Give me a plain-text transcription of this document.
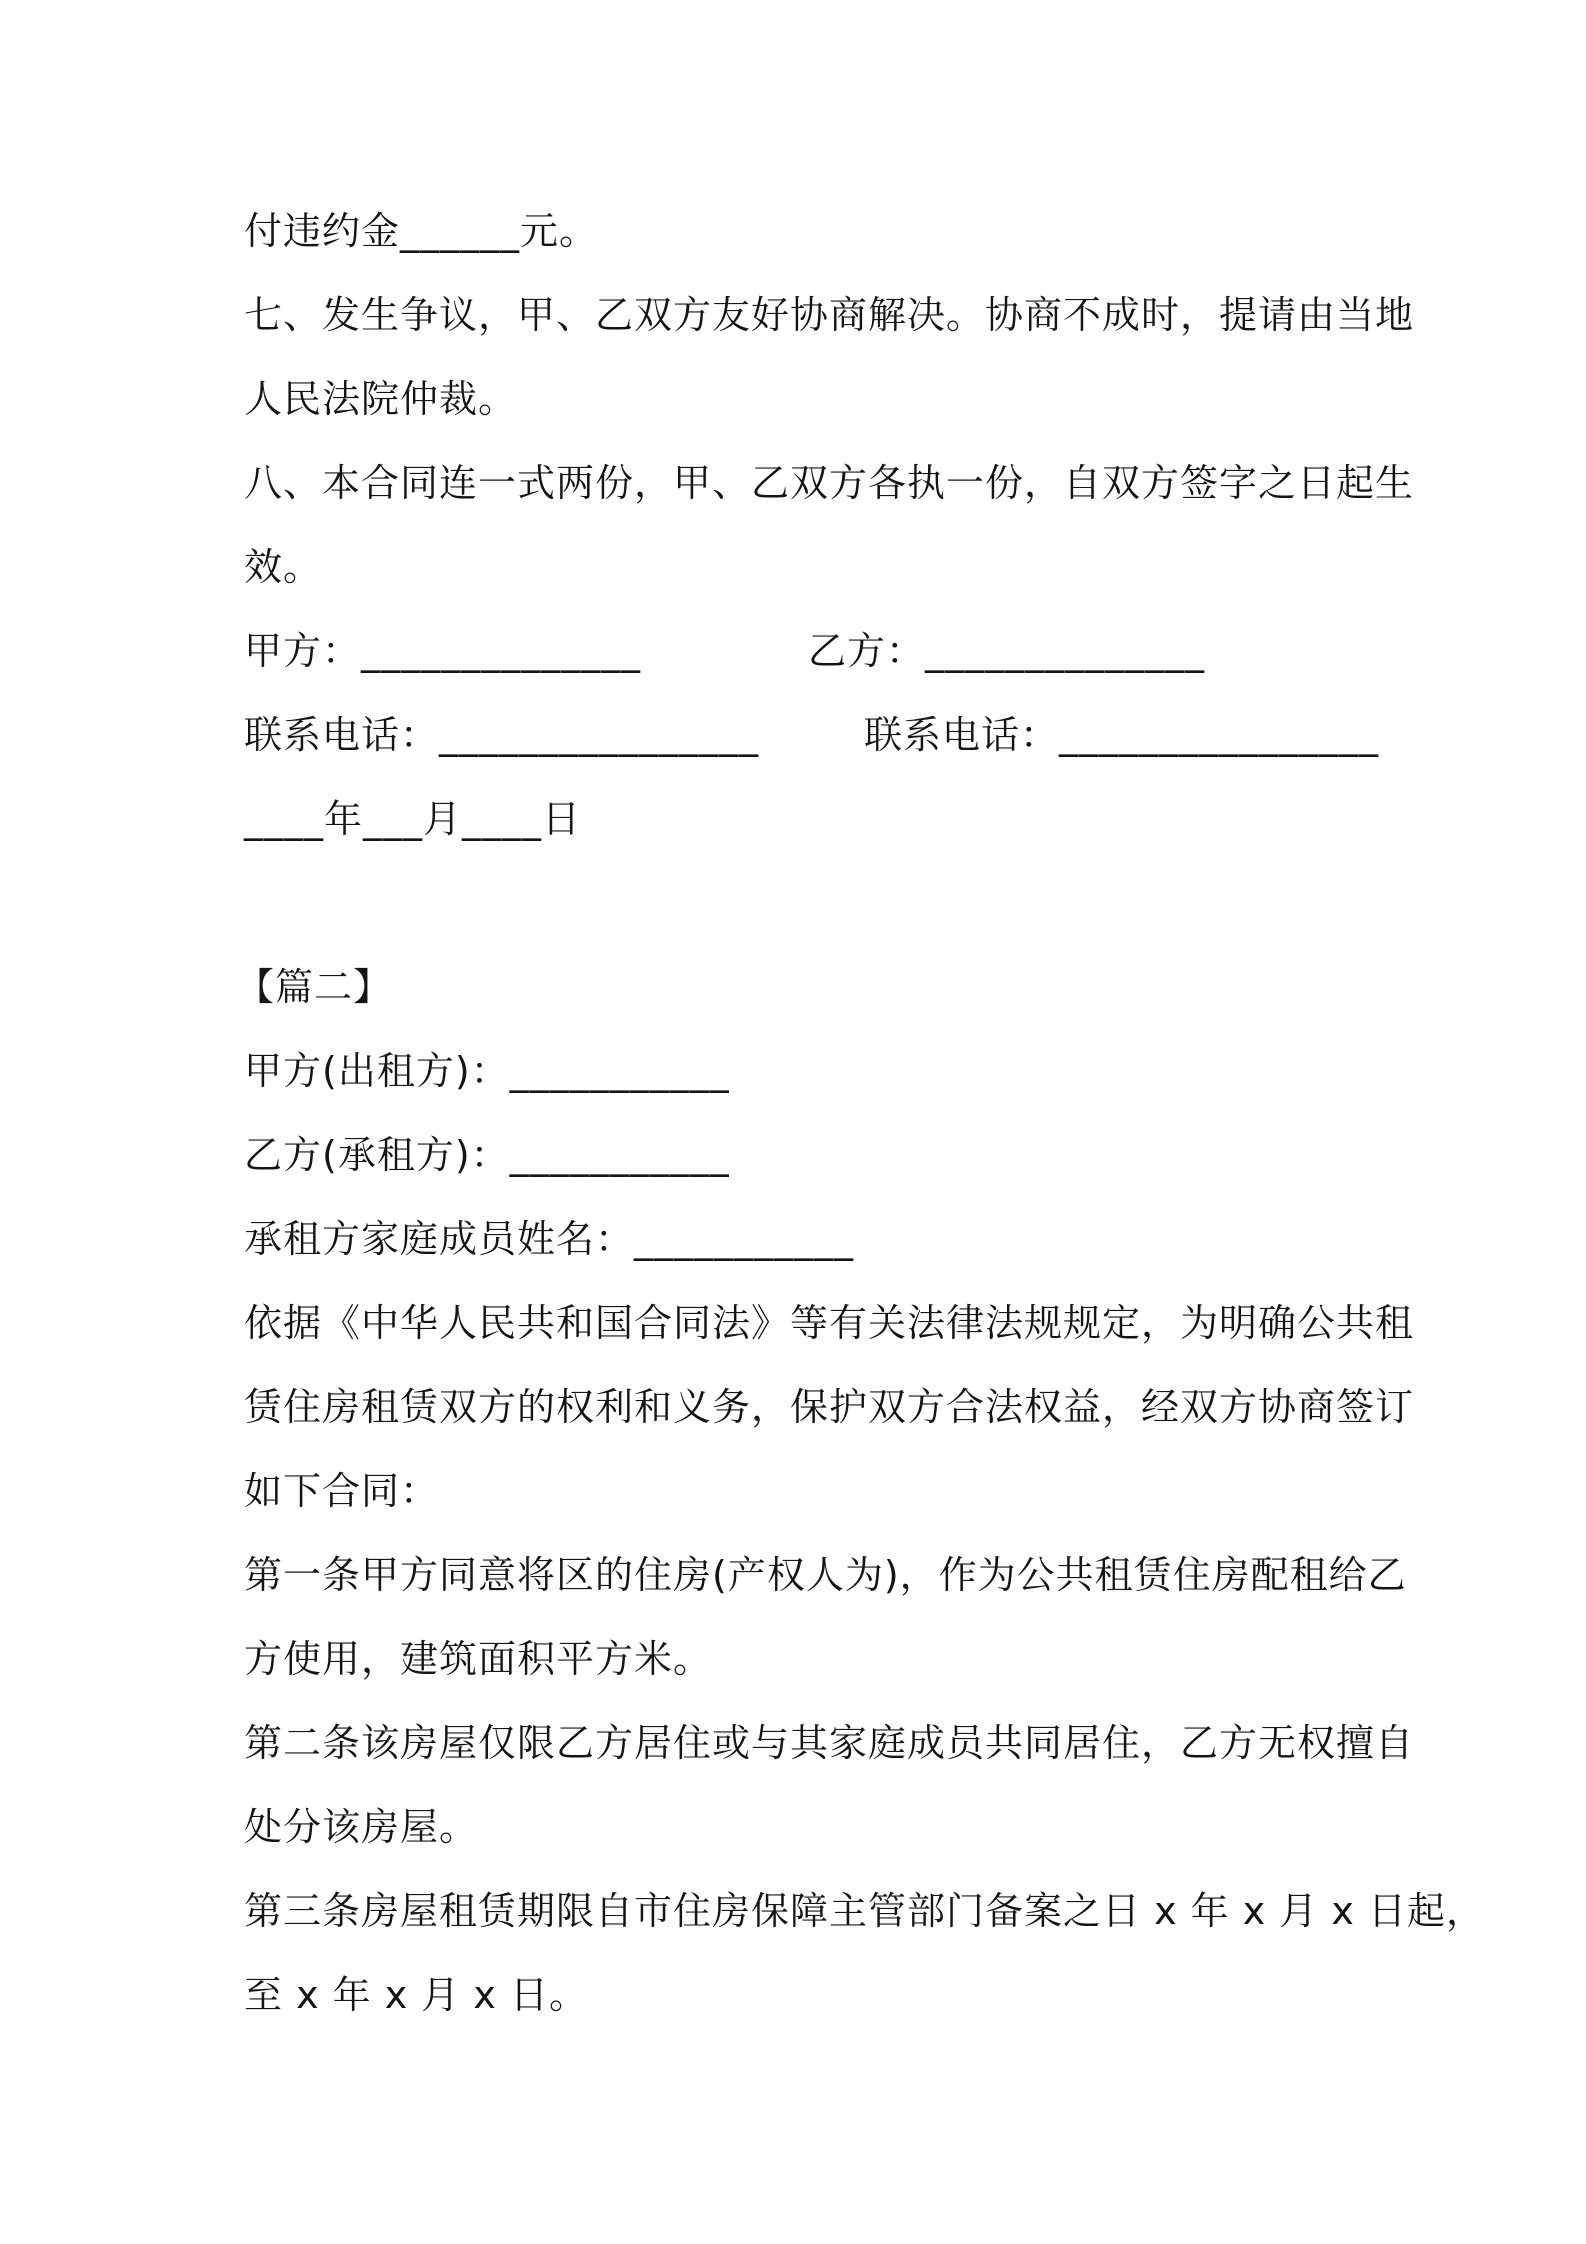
付违约金______元。
七、发生争议，甲、乙双方友好协商解决。协商不成时，提请由当地
人民法院仲裁。
八、本合同连一式两份，甲、乙双方各执一份，自双方签字之日起生
效。
甲方：______________	乙方：______________
联系电话：________________	联系电话：________________
____年___月____日
【篇二】
甲方(出租方)：___________
乙方(承租方)：___________
承租方家庭成员姓名：___________
依据《中华人民共和国合同法》等有关法律法规规定，为明确公共租
赁住房租赁双方的权利和义务，保护双方合法权益，经双方协商签订
如下合同：
第一条甲方同意将区的住房(产权人为)，作为公共租赁住房配租给乙
方使用，建筑面积平方米。
第二条该房屋仅限乙方居住或与其家庭成员共同居住，乙方无权擅自
处分该房屋。
第三条房屋租赁期限自市住房保障主管部门备案之日 x 年 x 月 x 日起，
至 x 年 x 月 x 日。
